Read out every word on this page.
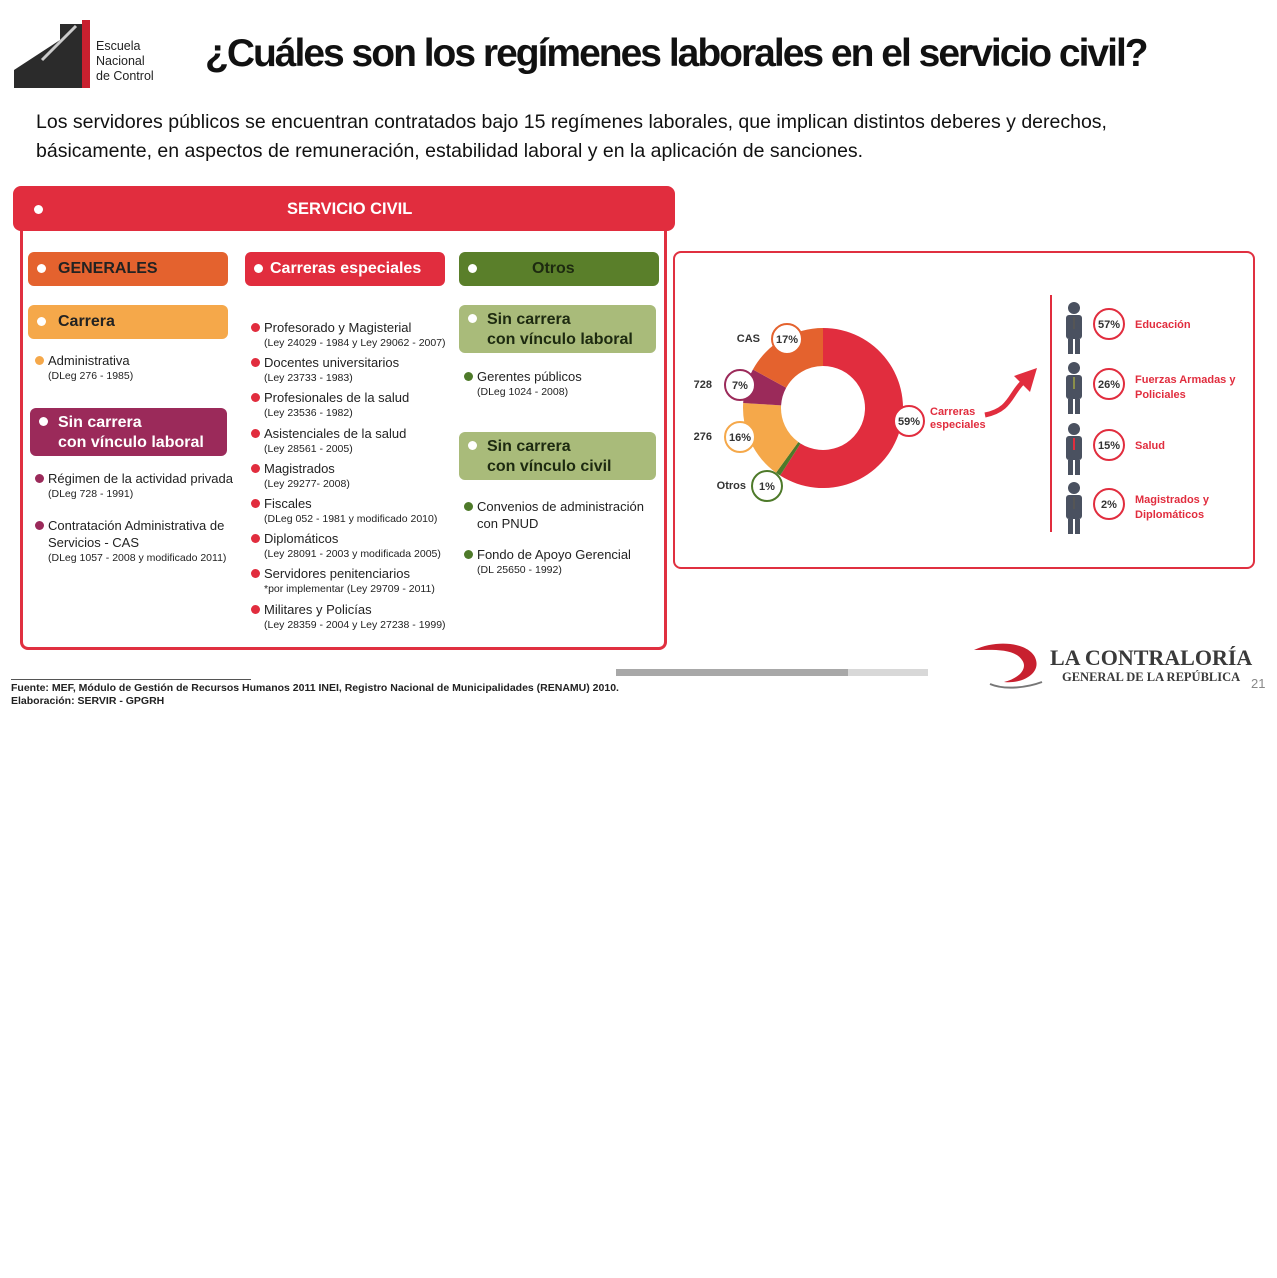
Escuela
Nacional
de Control
¿Cuáles son los regímenes laborales en el servicio civil?
Los servidores públicos se encuentran contratados bajo 15 regímenes laborales, que implican distintos deberes y derechos,
básicamente, en aspectos de remuneración, estabilidad laboral y en la aplicación de sanciones.
SERVICIO CIVIL
GENERALES
Carrera
Administrativa
(DLeg 276 - 1985)
Sin carrera
con vínculo laboral
Régimen de la actividad privada
(DLeg 728 - 1991)
Contratación Administrativa de
Servicios - CAS
(DLeg 1057 - 2008 y modificado 2011)
Carreras especiales
Profesorado y Magisterial
(Ley 24029 - 1984 y Ley 29062 - 2007)
Docentes universitarios
(Ley 23733 - 1983)
Profesionales de la salud
(Ley 23536 - 1982)
Asistenciales de la salud
(Ley 28561 - 2005)
Magistrados
(Ley 29277- 2008)
Fiscales
(DLeg 052 - 1981 y modificado 2010)
Diplomáticos
(Ley 28091 - 2003 y modificada 2005)
Servidores penitenciarios
*por implementar (Ley 29709 - 2011)
Militares y Policías
(Ley 28359 - 2004 y Ley 27238 - 1999)
Otros
Sin carrera
con vínculo laboral
Gerentes públicos
(DLeg 1024 - 2008)
Sin carrera
con vínculo civil
Convenios de administración
con PNUD
Fondo de Apoyo Gerencial
(DL 25650 - 1992)
59%
Carreras
especiales
1%
Otros
16%
276
7%
728
17%
CAS
57% Educación
26% Fuerzas Armadas y
Policiales
15% Salud
2% Magistrados y
Diplomáticos
Fuente: MEF, Módulo de Gestión de Recursos Humanos 2011 INEI, Registro Nacional de Municipalidades (RENAMU) 2010.
Elaboración: SERVIR - GPGRH
LA CONTRALORÍA
GENERAL DE LA REPÚBLICA 21
